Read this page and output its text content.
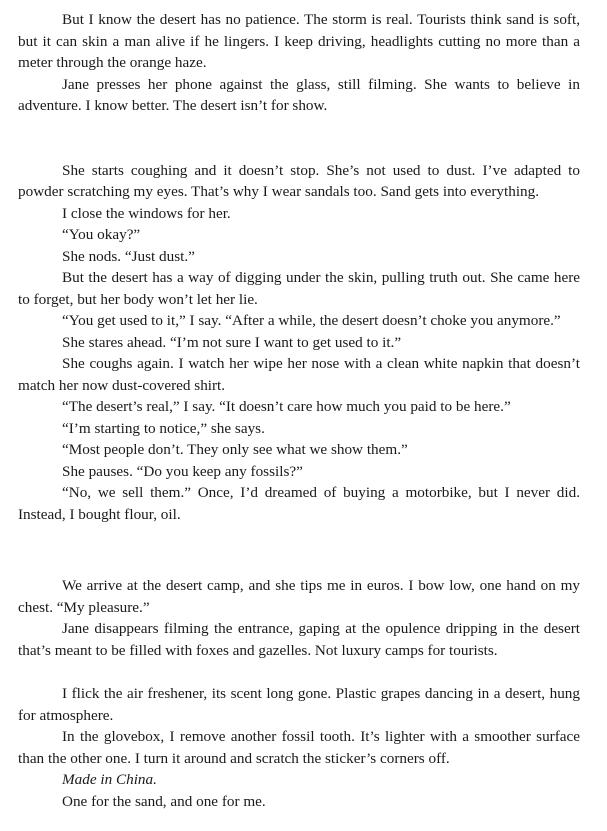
But I know the desert has no patience. The storm is real. Tourists think sand is soft, but it can skin a man alive if he lingers. I keep driving, headlights cutting no more than a meter through the orange haze.

Jane presses her phone against the glass, still filming. She wants to believe in adventure. I know better. The desert isn’t for show.

She starts coughing and it doesn’t stop. She’s not used to dust. I’ve adapted to powder scratching my eyes. That’s why I wear sandals too. Sand gets into everything.

I close the windows for her.

“You okay?”

She nods. “Just dust.”

But the desert has a way of digging under the skin, pulling truth out. She came here to forget, but her body won’t let her lie.

“You get used to it,” I say. “After a while, the desert doesn’t choke you anymore.”

She stares ahead. “I’m not sure I want to get used to it.”

She coughs again. I watch her wipe her nose with a clean white napkin that doesn’t match her now dust-covered shirt.

“The desert’s real,” I say. “It doesn’t care how much you paid to be here.”

“I’m starting to notice,” she says.

“Most people don’t. They only see what we show them.”

She pauses. “Do you keep any fossils?”

“No, we sell them.” Once, I’d dreamed of buying a motorbike, but I never did. Instead, I bought flour, oil.

We arrive at the desert camp, and she tips me in euros. I bow low, one hand on my chest. “My pleasure.”

Jane disappears filming the entrance, gaping at the opulence dripping in the desert that’s meant to be filled with foxes and gazelles. Not luxury camps for tourists.

I flick the air freshener, its scent long gone. Plastic grapes dancing in a desert, hung for atmosphere.

In the glovebox, I remove another fossil tooth. It’s lighter with a smoother surface than the other one. I turn it around and scratch the sticker’s corners off.

Made in China.

One for the sand, and one for me.
